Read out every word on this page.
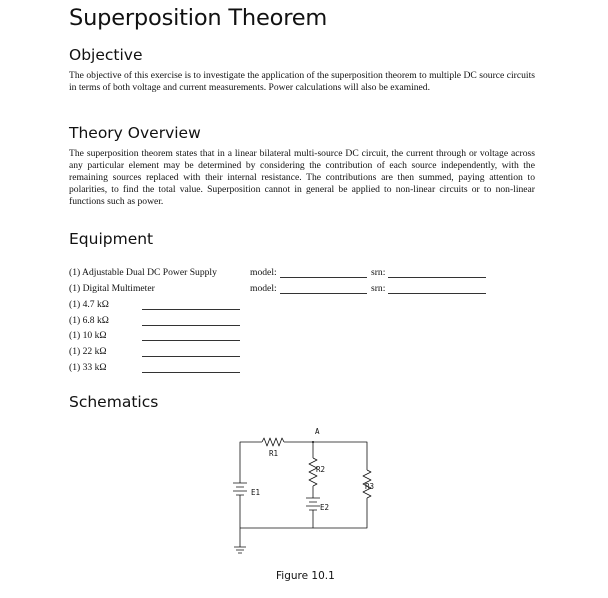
Superposition Theorem
Objective

The objective of this exercise is to investigate the application of the superposition theorem to multiple DC source circuits in terms of both voltage and current measurements. Power calculations will also be examined.

Theory Overview

The superposition theorem states that in a linear bilateral multi-source DC circuit, the current through or voltage across any particular element may be determined by considering the contribution of each source independently, with the remaining sources replaced with their internal resistance. The contributions are then summed, paying attention to polarities, to find the total value. Superposition cannot in general be applied to non-linear circuits or to non-linear functions such as power.

Equipment
(1) Adjustable Dual DC Power Supply	model:	srn:
(1) Digital Multimeter	model:	srn:
(1) 4.7 kΩ
(1) 6.8 kΩ
(1) 10 kΩ
(1) 22 kΩ
(1) 33 kΩ
Schematics
A
R1
R2
R3
E1
E2
Figure 10.1
